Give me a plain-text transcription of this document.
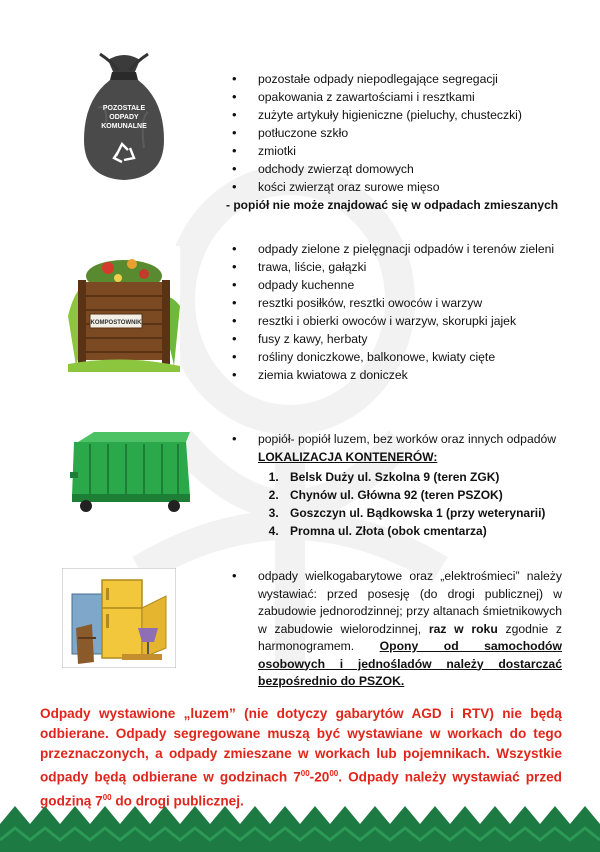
POZOSTAŁE ODPADY KOMUNALNE
• pozostałe odpady niepodlegające segregacji
• opakowania z zawartościami i resztkami
• zużyte artykuły higieniczne (pieluchy, chusteczki)
• potłuczone szkło
• zmiotki
• odchody zwierząt domowych
• kości zwierząt oraz surowe mięso
- popiół nie może znajdować się w odpadach zmieszanych
KOMPOSTOWNIK
• odpady zielone z pielęgnacji odpadów i terenów zieleni
• trawa, liście, gałązki
• odpady kuchenne
• resztki posiłków, resztki owoców i warzyw
• resztki i obierki owoców i warzyw, skorupki jajek
• fusy z kawy, herbaty
• rośliny doniczkowe, balkonowe, kwiaty cięte
• ziemia kwiatowa z doniczek
• popiół- popiół luzem, bez worków oraz innych odpadów
LOKALIZACJA KONTENERÓW:
1. Belsk Duży ul. Szkolna 9 (teren ZGK)
2. Chynów ul. Główna 92 (teren PSZOK)
3. Goszczyn ul. Bądkowska 1 (przy weterynarii)
4. Promna ul. Złota (obok cmentarza)
• odpady wielkogabarytowe oraz „elektrośmieci” należy wystawiać: przed posesję (do drogi publicznej) w zabudowie jednorodzinnej; przy altanach śmietnikowych w zabudowie wielorodzinnej, raz w roku zgodnie z harmonogramem. Opony od samochodów osobowych i jednośladów należy dostarczać bezpośrednio do PSZOK.
Odpady wystawione „luzem” (nie dotyczy gabarytów AGD i RTV) nie będą odbierane. Odpady segregowane muszą być wystawiane w workach do tego przeznaczonych, a odpady zmieszane w workach lub pojemnikach. Wszystkie odpady będą odbierane w godzinach $7^{00}-20^{00}$. Odpady należy wystawiać przed godziną $7^{00}$ do drogi publicznej.
